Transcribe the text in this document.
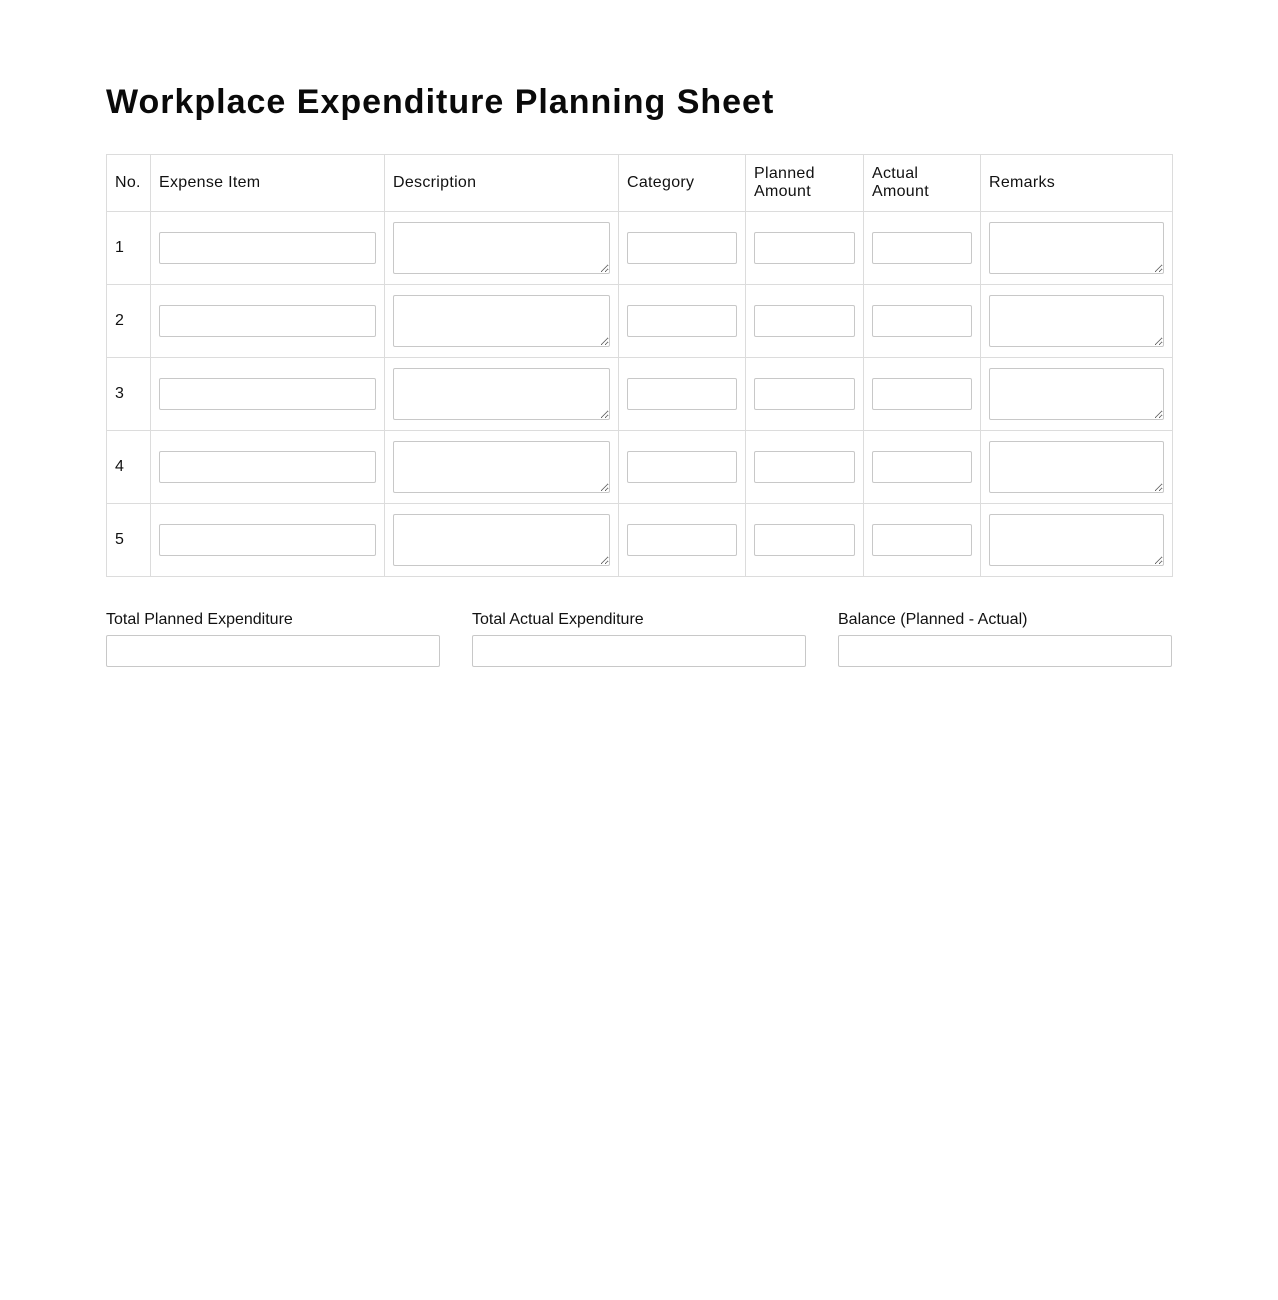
Workplace Expenditure Planning Sheet
No.	Expense Item	Description	Category	Planned Amount	Actual Amount	Remarks
1	

2	

3	

4	

5	

Total Planned Expenditure	Total Actual Expenditure	Balance (Planned - Actual)
